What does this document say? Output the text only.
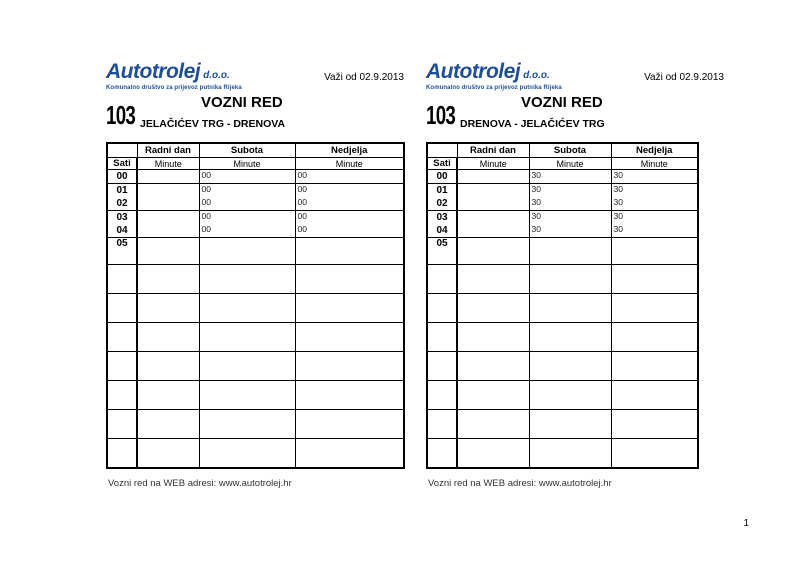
Autotrolej d.o.o.
Komunalno društvo za prijevoz putnika Rijeka
Važi od 02.9.2013
VOZNI RED
103 JELAČIĆEV TRG - DRENOVA
	Radni dan	Subota	Nedjelja
Sati	Minute	Minute	Minute
00		00	00
01		00	00
02		00	00
03		00	00
04		00	00
05			

Vozni red na WEB adresi: www.autotrolej.hr
Autotrolej d.o.o.
Komunalno društvo za prijevoz putnika Rijeka
Važi od 02.9.2013
VOZNI RED
103 DRENOVA - JELAČIĆEV TRG
	Radni dan	Subota	Nedjelja
Sati	Minute	Minute	Minute
00		30	30
01		30	30
02		30	30
03		30	30
04		30	30
05			

Vozni red na WEB adresi: www.autotrolej.hr
1
